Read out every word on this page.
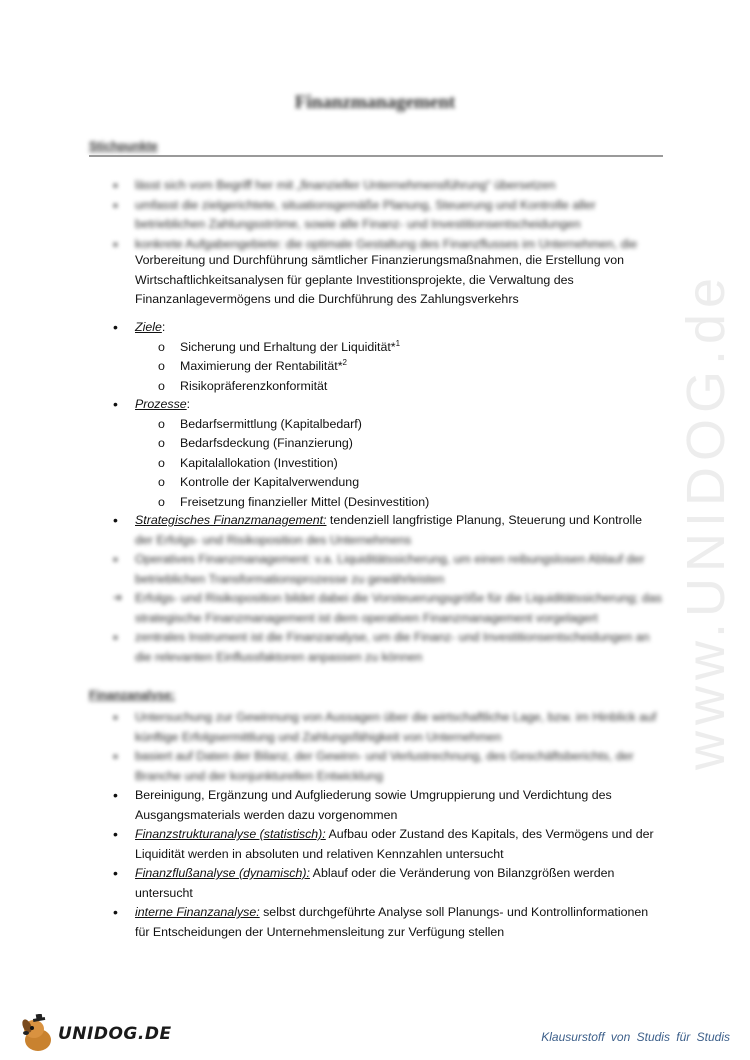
www.UNIDOG.de
Finanzmanagement
Stichpunkte
• lässt sich vom Begriff her mit „finanzieller Unternehmensführung“ übersetzen
• umfasst die zielgerichtete, situationsgemäße Planung, Steuerung und Kontrolle aller betrieblichen Zahlungsströme, sowie alle Finanz- und Investitionsentscheidungen
• konkrete Aufgabengebiete: die optimale Gestaltung des Finanzflusses im Unternehmen, die
Vorbereitung und Durchführung sämtlicher Finanzierungsmaßnahmen, die Erstellung von Wirtschaftlichkeitsanalysen für geplante Investitionsprojekte, die Verwaltung des Finanzanlagevermögens und die Durchführung des Zahlungsverkehrs
• Ziele:
o Sicherung und Erhaltung der Liquidität*$^1$
o Maximierung der Rentabilität*$^2$
o Risikopräferenzkonformität
• Prozesse:
o Bedarfsermittlung (Kapitalbedarf)
o Bedarfsdeckung (Finanzierung)
o Kapitalallokation (Investition)
o Kontrolle der Kapitalverwendung
o Freisetzung finanzieller Mittel (Desinvestition)
• Strategisches Finanzmanagement: tendenziell langfristige Planung, Steuerung und Kontrolle
der Erfolgs- und Risikoposition des Unternehmens
• Operatives Finanzmanagement: v.a. Liquiditätssicherung, um einen reibungslosen Ablauf der betrieblichen Transformationsprozesse zu gewährleisten
➔ Erfolgs- und Risikoposition bildet dabei die Vorsteuerungsgröße für die Liquiditätssicherung; das strategische Finanzmanagement ist dem operativen Finanzmanagement vorgelagert
• zentrales Instrument ist die Finanzanalyse, um die Finanz- und Investitionsentscheidungen an die relevanten Einflussfaktoren anpassen zu können
Finanzanalyse:
• Untersuchung zur Gewinnung von Aussagen über die wirtschaftliche Lage, bzw. im Hinblick auf künftige Erfolgsermittlung und Zahlungsfähigkeit von Unternehmen
• basiert auf Daten der Bilanz, der Gewinn- und Verlustrechnung, des Geschäftsberichts, der Branche und der konjunkturellen Entwicklung
• Bereinigung, Ergänzung und Aufgliederung sowie Umgruppierung und Verdichtung des Ausgangsmaterials werden dazu vorgenommen
• Finanzstrukturanalyse (statistisch): Aufbau oder Zustand des Kapitals, des Vermögens und der Liquidität werden in absoluten und relativen Kennzahlen untersucht
• Finanzflußanalyse (dynamisch): Ablauf oder die Veränderung von Bilanzgrößen werden untersucht
• interne Finanzanalyse: selbst durchgeführte Analyse soll Planungs- und Kontrollinformationen für Entscheidungen der Unternehmensleitung zur Verfügung stellen
UNIDOG.DE	Klausurstoff von Studis für Studis
